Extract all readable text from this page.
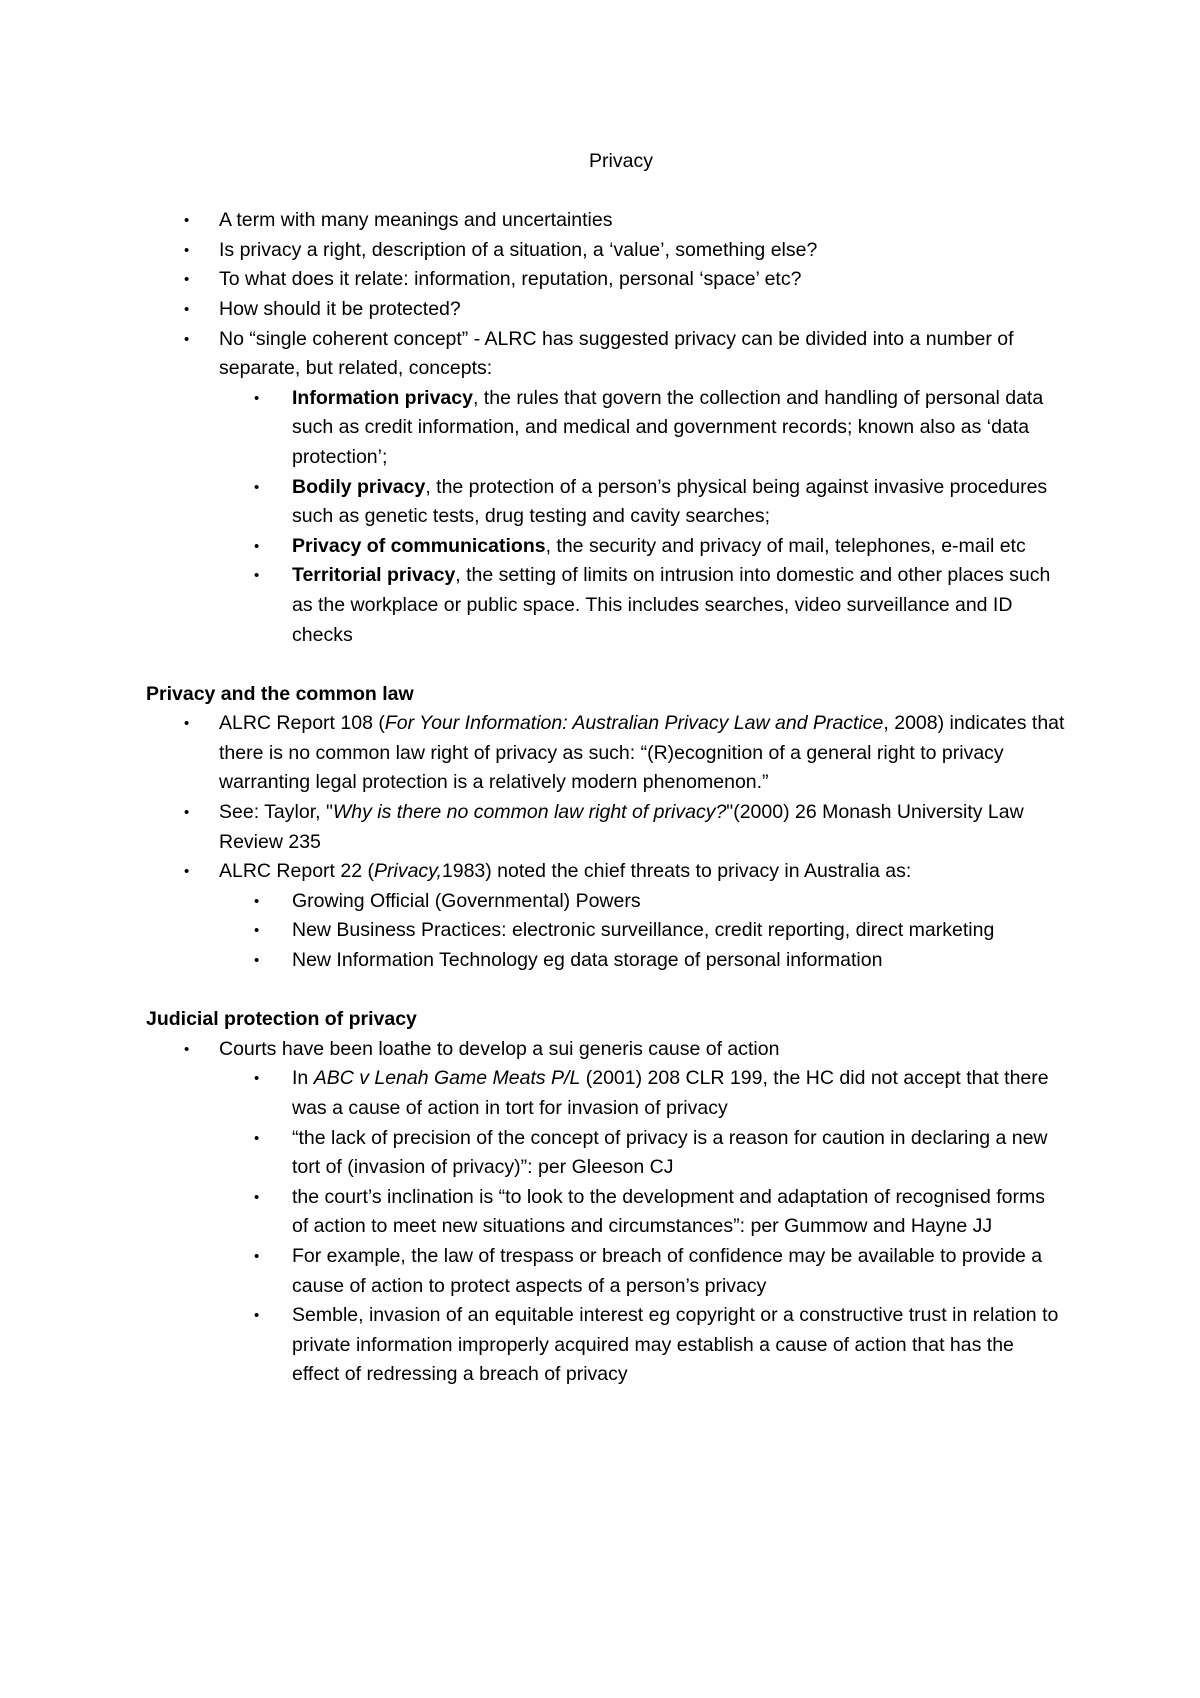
Privacy
• A term with many meanings and uncertainties
• Is privacy a right, description of a situation, a ‘value’, something else?
• To what does it relate: information, reputation, personal ‘space’ etc?
• How should it be protected?
• No “single coherent concept” - ALRC has suggested privacy can be divided into a number of separate, but related, concepts:
• Information privacy, the rules that govern the collection and handling of personal data such as credit information, and medical and government records; known also as ‘data protection’;
• Bodily privacy, the protection of a person’s physical being against invasive procedures such as genetic tests, drug testing and cavity searches;
• Privacy of communications, the security and privacy of mail, telephones, e-mail etc
• Territorial privacy, the setting of limits on intrusion into domestic and other places such as the workplace or public space. This includes searches, video surveillance and ID checks
Privacy and the common law
• ALRC Report 108 (For Your Information: Australian Privacy Law and Practice, 2008) indicates that there is no common law right of privacy as such: “(R)ecognition of a general right to privacy warranting legal protection is a relatively modern phenomenon.”
• See: Taylor, "Why is there no common law right of privacy?"(2000) 26 Monash University Law Review 235
• ALRC Report 22 (Privacy,1983) noted the chief threats to privacy in Australia as:
• Growing Official (Governmental) Powers
• New Business Practices: electronic surveillance, credit reporting, direct marketing
• New Information Technology eg data storage of personal information
Judicial protection of privacy
• Courts have been loathe to develop a sui generis cause of action
• In ABC v Lenah Game Meats P/L (2001) 208 CLR 199, the HC did not accept that there was a cause of action in tort for invasion of privacy
• “the lack of precision of the concept of privacy is a reason for caution in declaring a new tort of (invasion of privacy)”: per Gleeson CJ
• the court’s inclination is “to look to the development and adaptation of recognised forms of action to meet new situations and circumstances”: per Gummow and Hayne JJ
• For example, the law of trespass or breach of confidence may be available to provide a cause of action to protect aspects of a person’s privacy
• Semble, invasion of an equitable interest eg copyright or a constructive trust in relation to private information improperly acquired may establish a cause of action that has the effect of redressing a breach of privacy
